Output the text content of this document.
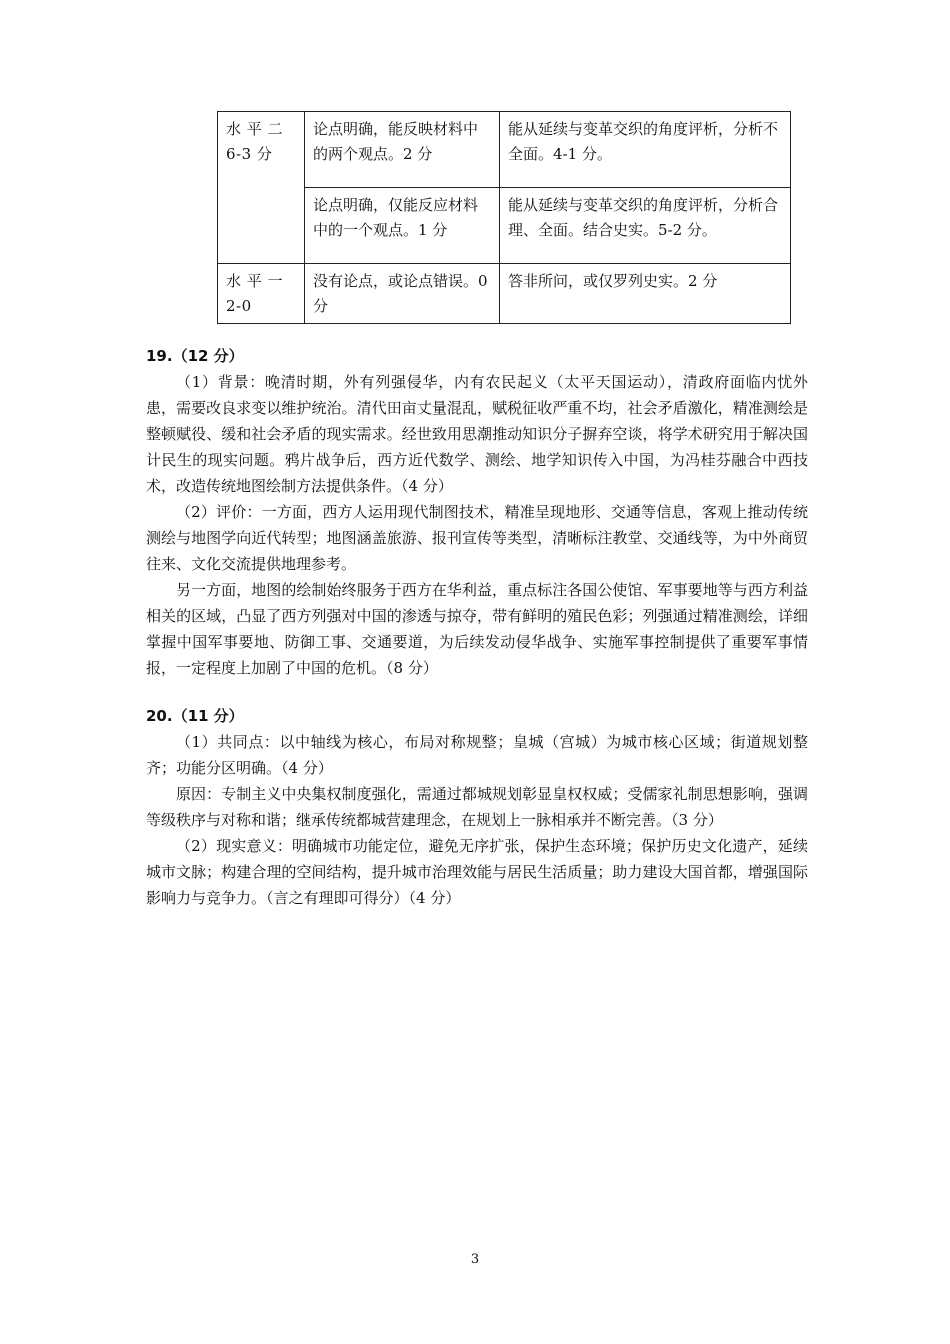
水 平 二
6-3 分	论点明确，能反映材料中的两个观点。2 分	能从延续与变革交织的角度评析，分析不全面。4-1 分。
	论点明确，仅能反应材料中的一个观点。1 分	能从延续与变革交织的角度评析，分析合理、全面。结合史实。5-2 分。
水 平 一
2-0	没有论点，或论点错误。0 分	答非所问，或仅罗列史实。2 分
19.（12 分）

（1）背景：晚清时期，外有列强侵华，内有农民起义（太平天国运动），清政府面临内忧外患，需要改良求变以维护统治。清代田亩丈量混乱，赋税征收严重不均，社会矛盾激化，精准测绘是整顿赋役、缓和社会矛盾的现实需求。经世致用思潮推动知识分子摒弃空谈，将学术研究用于解决国计民生的现实问题。鸦片战争后，西方近代数学、测绘、地学知识传入中国，为冯桂芬融合中西技术，改造传统地图绘制方法提供条件。（4 分）

（2）评价：一方面，西方人运用现代制图技术，精准呈现地形、交通等信息，客观上推动传统测绘与地图学向近代转型；地图涵盖旅游、报刊宣传等类型，清晰标注教堂、交通线等，为中外商贸往来、文化交流提供地理参考。

另一方面，地图的绘制始终服务于西方在华利益，重点标注各国公使馆、军事要地等与西方利益相关的区域，凸显了西方列强对中国的渗透与掠夺，带有鲜明的殖民色彩；列强通过精准测绘，详细掌握中国军事要地、防御工事、交通要道，为后续发动侵华战争、实施军事控制提供了重要军事情报，一定程度上加剧了中国的危机。（8 分）

20.（11 分）

（1）共同点：以中轴线为核心，布局对称规整；皇城（宫城）为城市核心区域；街道规划整齐；功能分区明确。（4 分）

原因：专制主义中央集权制度强化，需通过都城规划彰显皇权权威；受儒家礼制思想影响，强调等级秩序与对称和谐；继承传统都城营建理念，在规划上一脉相承并不断完善。（3 分）

（2）现实意义：明确城市功能定位，避免无序扩张，保护生态环境；保护历史文化遗产，延续城市文脉；构建合理的空间结构，提升城市治理效能与居民生活质量；助力建设大国首都，增强国际影响力与竞争力。（言之有理即可得分）（4 分）

3
